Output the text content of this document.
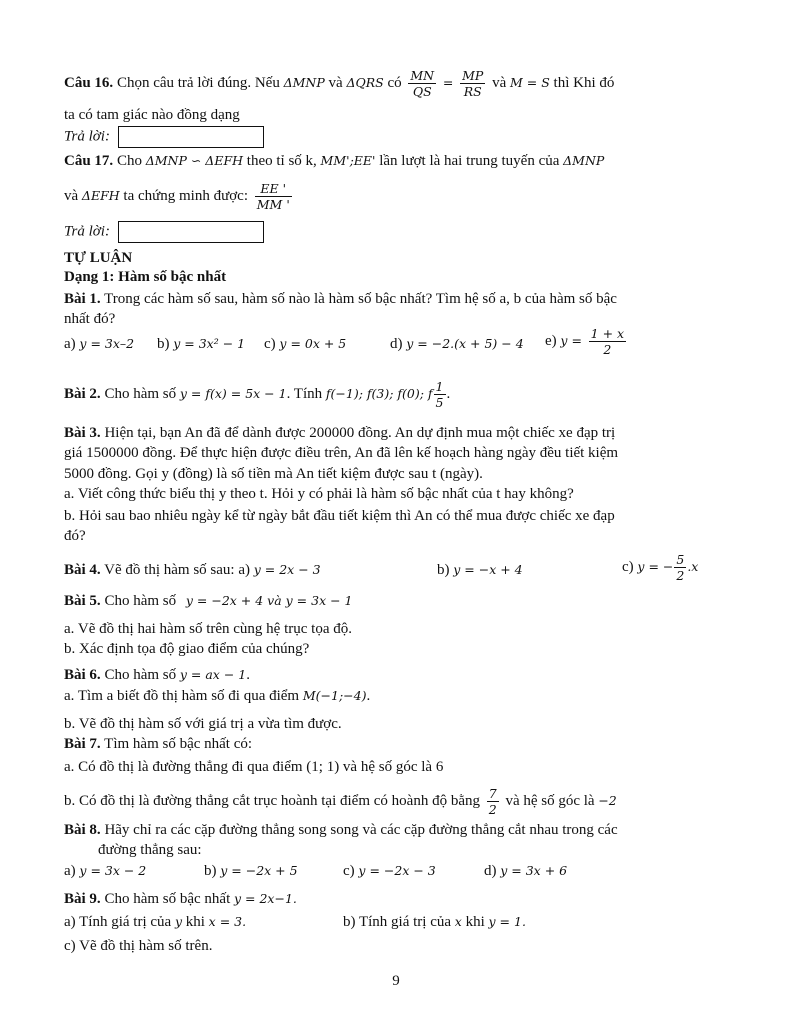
Câu 16. Chọn câu trả lời đúng. Nếu ΔMNP và ΔQRS có $\frac{MN}{QS} = \frac{MP}{RS}$ và M = S thì Khi đó
ta có tam giác nào đồng dạng
Trả lời:
Câu 17. Cho ΔMNP ∽ ΔEFH theo tỉ số k, MM';EE' lần lượt là hai trung tuyến của ΔMNP
và ΔEFH ta chứng minh được: $\frac{EE '}{MM '}$
Trả lời:
TỰ LUẬN
Dạng 1: Hàm số bậc nhất
Bài 1. Trong các hàm số sau, hàm số nào là hàm số bậc nhất? Tìm hệ số a, b của hàm số bậc
nhất đó?
a) y = 3x–2 b) y = 3x² − 1 c) y = 0x + 5	d) y = −2.(x + 5) − 4 e) $y = \frac{1 + x}{2}$
Bài 2. Cho hàm số y = f(x) = 5x − 1. Tính f(−1); f(3); f(0); f $\frac{1}{5}$ .
Bài 3. Hiện tại, bạn An đã để dành được 200000 đồng. An dự định mua một chiếc xe đạp trị
giá 1500000 đồng. Để thực hiện được điều trên, An đã lên kế hoạch hàng ngày đều tiết kiệm
5000 đồng. Gọi y (đồng) là số tiền mà An tiết kiệm được sau t (ngày).
a. Viết công thức biểu thị y theo t. Hỏi y có phải là hàm số bậc nhất của t hay không?
b. Hỏi sau bao nhiêu ngày kể từ ngày bắt đầu tiết kiệm thì An có thể mua được chiếc xe đạp
đó?
Bài 4. Vẽ đồ thị hàm số sau: a) y = 2x − 3	b) y = −x + 4	c) y = − $\frac{5}{2} .x$
Bài 5. Cho hàm số y = −2x + 4 và y = 3x − 1
a. Vẽ đồ thị hai hàm số trên cùng hệ trục tọa độ.
b. Xác định tọa độ giao điểm của chúng?
Bài 6. Cho hàm số y = ax − 1.
a. Tìm a biết đồ thị hàm số đi qua điểm M(−1;−4).
b. Vẽ đồ thị hàm số với giá trị a vừa tìm được.
Bài 7. Tìm hàm số bậc nhất có:
a. Có đồ thị là đường thẳng đi qua điểm (1; 1) và hệ số góc là 6
b. Có đồ thị là đường thẳng cắt trục hoành tại điểm có hoành độ bằng $\frac{7}{2}$ và hệ số góc là −2
Bài 8. Hãy chỉ ra các cặp đường thẳng song song và các cặp đường thẳng cắt nhau trong các
đường thẳng sau:
a) y = 3x − 2	b) y = −2x + 5	c) y = −2x − 3	d) y = 3x + 6
Bài 9. Cho hàm số bậc nhất y = 2x−1.
a) Tính giá trị của y khi x = 3.	b) Tính giá trị của x khi y = 1.
c) Vẽ đồ thị hàm số trên.
9
